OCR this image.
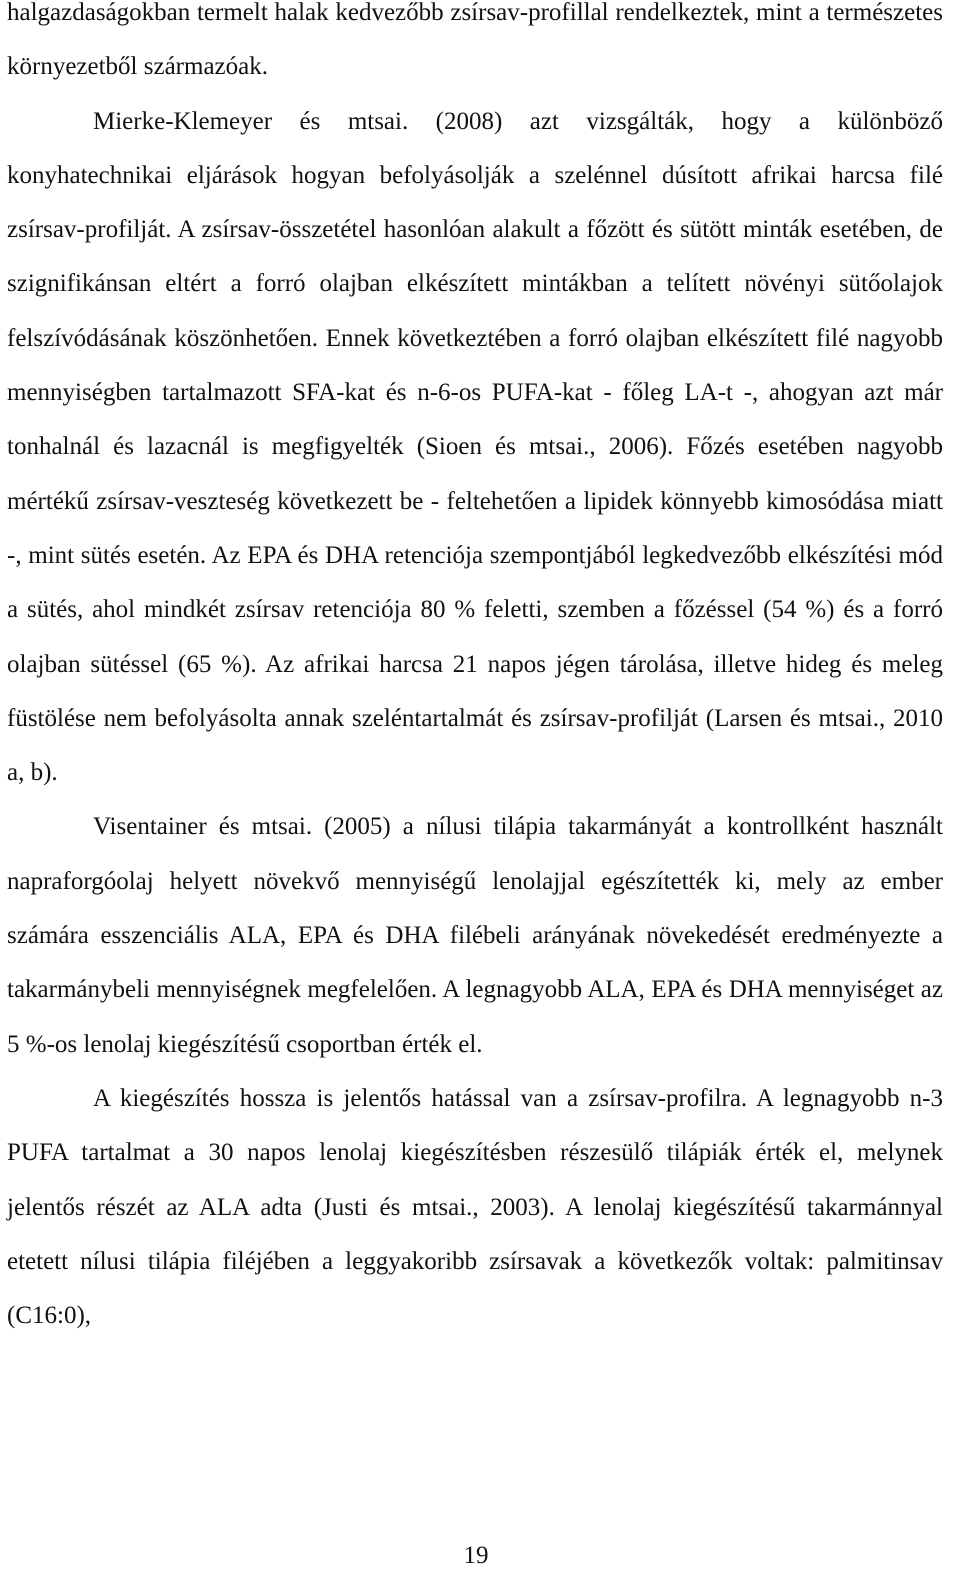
halgazdaságokban termelt halak kedvezőbb zsírsav-profillal rendelkeztek, mint a természetes környezetből származóak.

Mierke-Klemeyer és mtsai. (2008) azt vizsgálták, hogy a különböző konyhatechnikai eljárások hogyan befolyásolják a szelénnel dúsított afrikai harcsa filé zsírsav-profilját. A zsírsav-összetétel hasonlóan alakult a főzött és sütött minták esetében, de szignifikánsan eltért a forró olajban elkészített mintákban a telített növényi sütőolajok felszívódásának köszönhetően. Ennek következtében a forró olajban elkészített filé nagyobb mennyiségben tartalmazott SFA-kat és n-6-os PUFA-kat - főleg LA-t -, ahogyan azt már tonhalnál és lazacnál is megfigyelték (Sioen és mtsai., 2006). Főzés esetében nagyobb mértékű zsírsav-veszteség következett be - feltehetően a lipidek könnyebb kimosódása miatt -, mint sütés esetén. Az EPA és DHA retenciója szempontjából legkedvezőbb elkészítési mód a sütés, ahol mindkét zsírsav retenciója 80 % feletti, szemben a főzéssel (54 %) és a forró olajban sütéssel (65 %). Az afrikai harcsa 21 napos jégen tárolása, illetve hideg és meleg füstölése nem befolyásolta annak szeléntartalmát és zsírsav-profilját (Larsen és mtsai., 2010 a, b).

Visentainer és mtsai. (2005) a nílusi tilápia takarmányát a kontrollként használt napraforgóolaj helyett növekvő mennyiségű lenolajjal egészítették ki, mely az ember számára esszenciális ALA, EPA és DHA filébeli arányának növekedését eredményezte a takarmánybeli mennyiségnek megfelelően. A legnagyobb ALA, EPA és DHA mennyiséget az 5 %-os lenolaj kiegészítésű csoportban érték el.

A kiegészítés hossza is jelentős hatással van a zsírsav-profilra. A legnagyobb n-3 PUFA tartalmat a 30 napos lenolaj kiegészítésben részesülő tilápiák érték el, melynek jelentős részét az ALA adta (Justi és mtsai., 2003). A lenolaj kiegészítésű takarmánnyal etetett nílusi tilápia filéjében a leggyakoribb zsírsavak a következők voltak: palmitinsav (C16:0),

19
